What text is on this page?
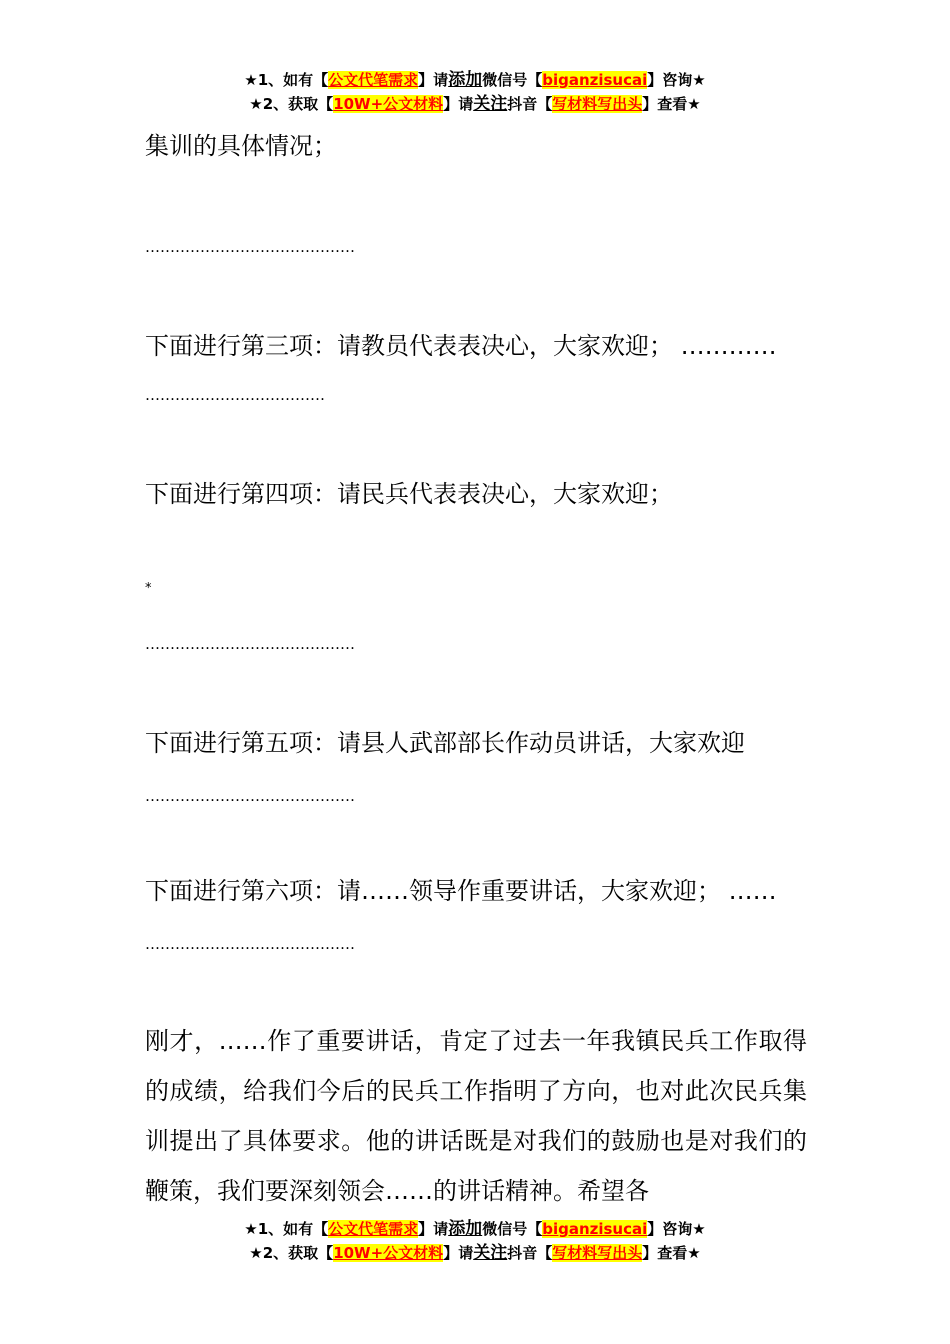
★1、如有【公文代笔需求】请添加微信号【biganzisucai】咨询★
★2、获取【10W+公文材料】请关注抖音【写材料写出头】查看★
集训的具体情况；
……………………………………
下面进行第三项：请教员代表表决心，大家欢迎； …………
………………………………
下面进行第四项：请民兵代表表决心，大家欢迎；
*
……………………………………
下面进行第五项：请县人武部部长作动员讲话，大家欢迎
……………………………………
下面进行第六项：请……领导作重要讲话，大家欢迎； ……
……………………………………
刚才，……作了重要讲话，肯定了过去一年我镇民兵工作取得的成绩，给我们今后的民兵工作指明了方向，也对此次民兵集训提出了具体要求。他的讲话既是对我们的鼓励也是对我们的鞭策，我们要深刻领会……的讲话精神。希望各
★1、如有【公文代笔需求】请添加微信号【biganzisucai】咨询★
★2、获取【10W+公文材料】请关注抖音【写材料写出头】查看★
